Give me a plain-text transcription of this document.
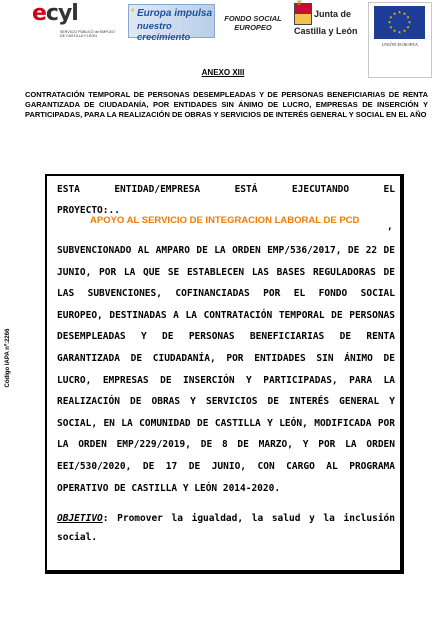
ecyl
SERVICIO PÚBLICO de EMPLEO DE CASTILLA Y LEÓN
★ Europa impulsa
nuestro crecimiento
FONDO SOCIAL
EUROPEO
♛
Junta de
Castilla y León
★ ★
★
★
★
★
★
★
★
★
★
★
UNIÓN EUROPEA
ANEXO XIII
CONTRATACIÓN TEMPORAL DE PERSONAS DESEMPLEADAS Y DE PERSONAS BENEFICIARIAS DE RENTA GARANTIZADA DE CIUDADANÍA, POR ENTIDADES SIN ÁNIMO DE LUCRO, EMPRESAS DE INSERCIÓN Y PARTICIPADAS, PARA LA REALIZACIÓN DE OBRAS Y SERVICIOS DE INTERÉS GENERAL Y SOCIAL EN EL AÑO
Código IAPA nº:2266
ESTA ENTIDAD/EMPRESA ESTÁ EJECUTANDO EL
PROYECTO:..
APOYO AL SERVICIO DE INTEGRACION LABORAL DE PCD
,
SUBVENCIONADO AL AMPARO DE LA ORDEN EMP/536/2017, DE 22 DE JUNIO, POR LA QUE SE ESTABLECEN LAS BASES REGULADORAS DE LAS SUBVENCIONES, COFINANCIADAS POR EL FONDO SOCIAL EUROPEO, DESTINADAS A LA CONTRATACIÓN TEMPORAL DE PERSONAS DESEMPLEADAS Y DE PERSONAS BENEFICIARIAS DE RENTA GARANTIZADA DE CIUDADANÍA, POR ENTIDADES SIN ÁNIMO DE LUCRO, EMPRESAS DE INSERCIÓN Y PARTICIPADAS, PARA LA REALIZACIÓN DE OBRAS Y SERVICIOS DE INTERÉS GENERAL Y SOCIAL, EN LA COMUNIDAD DE CASTILLA Y LEÓN, MODIFICADA POR LA ORDEN EMP/229/2019, DE 8 DE MARZO, Y POR LA ORDEN EEI/530/2020, DE 17 DE JUNIO, CON CARGO AL PROGRAMA OPERATIVO DE CASTILLA Y LEÓN 2014-2020.
OBJETIVO: Promover la igualdad, la salud y la inclusión social.
